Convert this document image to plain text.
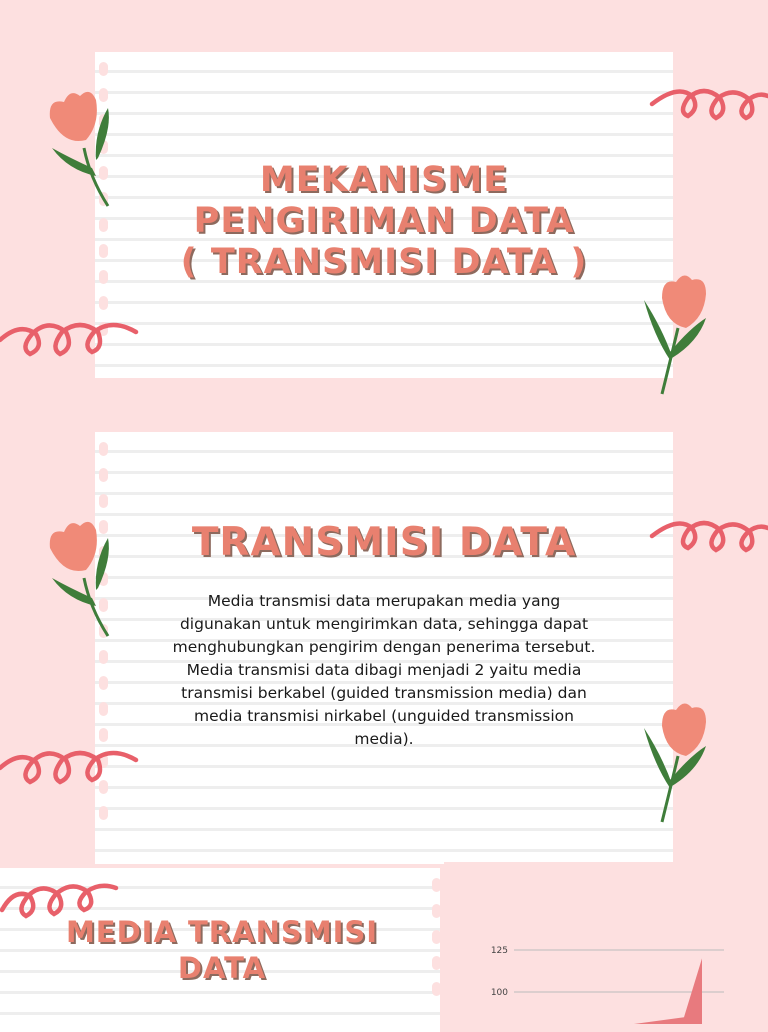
MEKANISME
PENGIRIMAN DATA
( TRANSMISI DATA )
TRANSMISI DATA
Media transmisi data merupakan media yang digunakan untuk mengirimkan data, sehingga dapat menghubungkan pengirim dengan penerima tersebut. Media transmisi data dibagi menjadi 2 yaitu media transmisi berkabel (guided transmission media) dan media transmisi nirkabel (unguided transmission media).
MEDIA TRANSMISI
DATA	125
100
